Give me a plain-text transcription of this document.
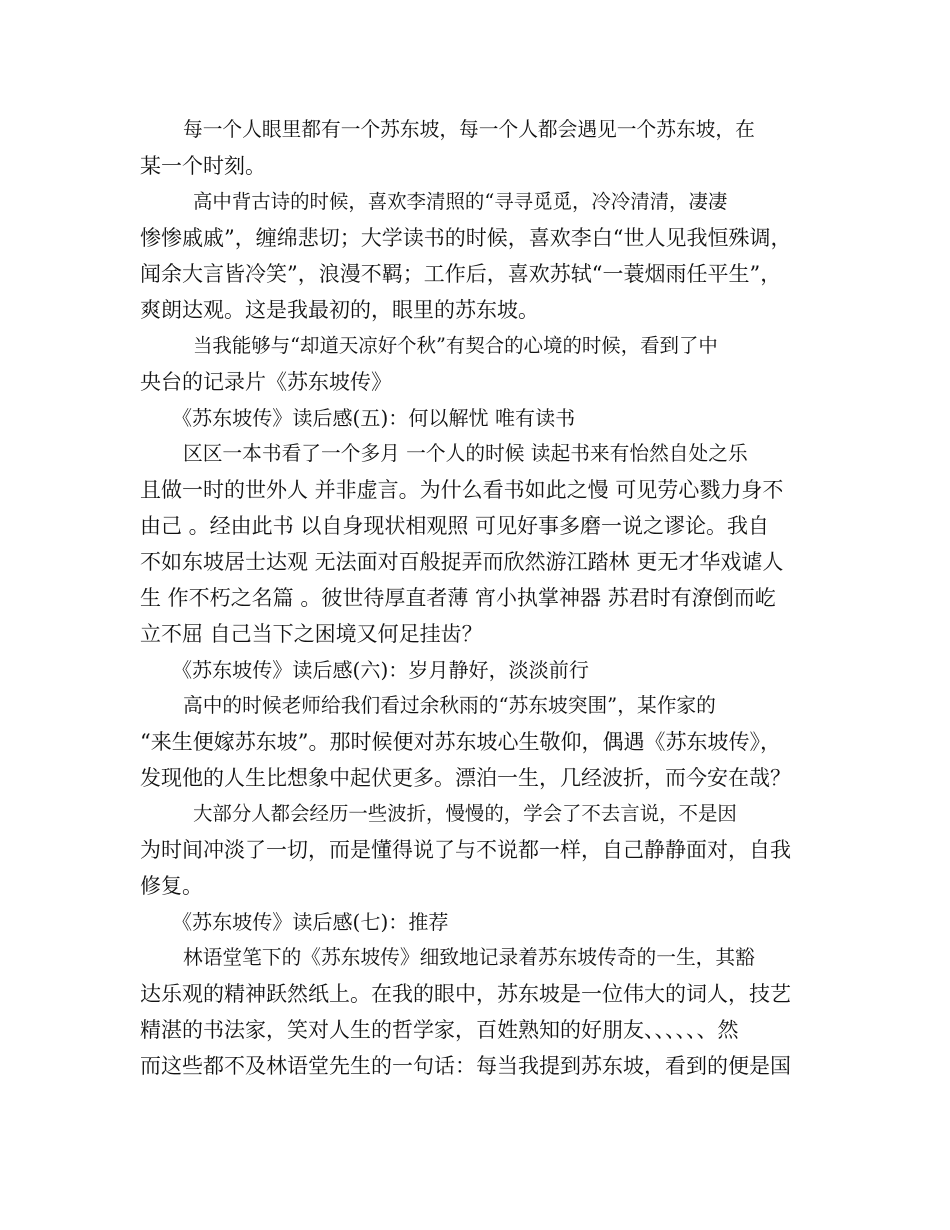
每一个人眼里都有一个苏东坡，每一个人都会遇见一个苏东坡，在
某一个时刻。
高中背古诗的时候，喜欢李清照的“寻寻觅觅，冷冷清清，凄凄
惨惨戚戚”，缠绵悲切；大学读书的时候，喜欢李白“世人见我恒殊调，
闻余大言皆冷笑”，浪漫不羁；工作后，喜欢苏轼“一蓑烟雨任平生”，
爽朗达观。这是我最初的，眼里的苏东坡。
当我能够与“却道天凉好个秋”有契合的心境的时候，看到了中
央台的记录片《苏东坡传》
《苏东坡传》读后感(五)：何以解忧 唯有读书
区区一本书看了一个多月 一个人的时候 读起书来有怡然自处之乐
且做一时的世外人 并非虚言。为什么看书如此之慢 可见劳心戮力身不
由己 。经由此书 以自身现状相观照 可见好事多磨一说之谬论。我自
不如东坡居士达观 无法面对百般捉弄而欣然游江踏林 更无才华戏谑人
生 作不朽之名篇 。彼世待厚直者薄 宵小执掌神器 苏君时有潦倒而屹
立不屈 自己当下之困境又何足挂齿？
《苏东坡传》读后感(六)：岁月静好，淡淡前行
高中的时候老师给我们看过余秋雨的“苏东坡突围”，某作家的
“来生便嫁苏东坡”。那时候便对苏东坡心生敬仰，偶遇《苏东坡传》，
发现他的人生比想象中起伏更多。漂泊一生，几经波折，而今安在哉？
大部分人都会经历一些波折，慢慢的，学会了不去言说，不是因
为时间冲淡了一切，而是懂得说了与不说都一样，自己静静面对，自我
修复。
《苏东坡传》读后感(七)：推荐
林语堂笔下的《苏东坡传》细致地记录着苏东坡传奇的一生，其豁
达乐观的精神跃然纸上。在我的眼中，苏东坡是一位伟大的词人，技艺
精湛的书法家，笑对人生的哲学家，百姓熟知的好朋友、、、、、、然
而这些都不及林语堂先生的一句话：每当我提到苏东坡，看到的便是国
